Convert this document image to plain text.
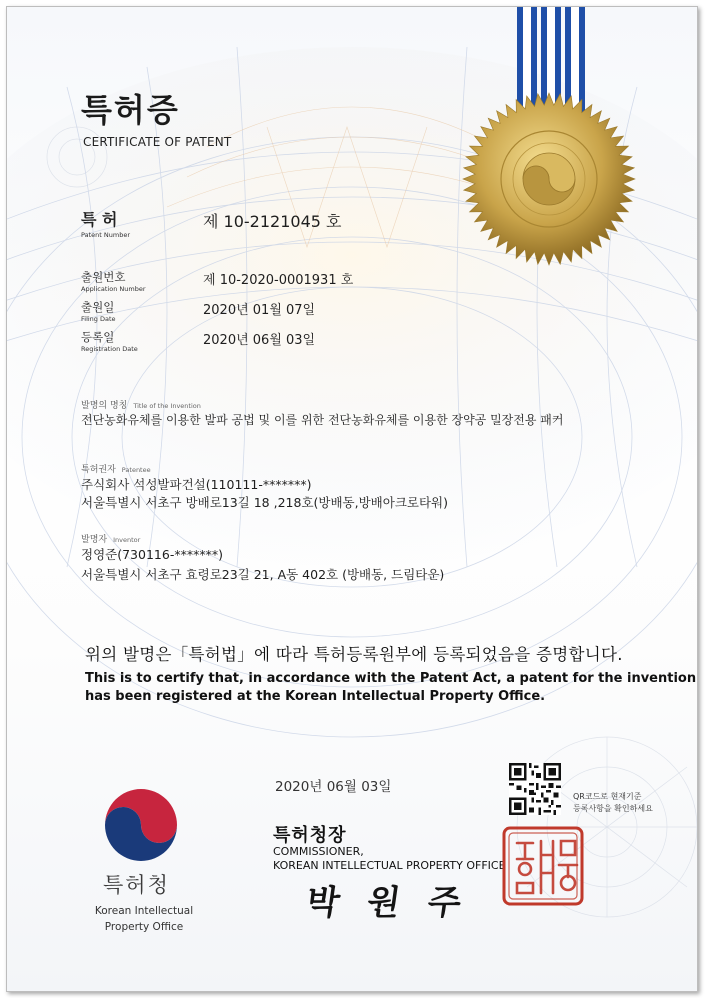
특허증
CERTIFICATE OF PATENT
특 허
Patent Number
제 10-2121045 호
출원번호
Application Number
제 10-2020-0001931 호
출원일
Filing Date
2020년 01월 07일
등록일
Registration Date
2020년 06월 03일
발명의 명칭 Title of the Invention
전단농화유체를 이용한 발파 공법 및 이를 위한 전단농화유체를 이용한 장약공 밀장전용 패커
특허권자 Patentee
주식회사 석성발파건설(110111-*******)
서울특별시 서초구 방배로13길 18 ,218호(방배동,방배아크로타워)
발명자 Inventor
정영준(730116-*******)
서울특별시 서초구 효령로23길 21, A동 402호 (방배동, 드림타운)
위의 발명은「특허법」에 따라 특허등록원부에 등록되었음을 증명합니다.
This is to certify that, in accordance with the Patent Act, a patent for the invention
has been registered at the Korean Intellectual Property Office.
특허청
Korean Intellectual
Property Office
2020년 06월 03일
특허청장
COMMISSIONER,
KOREAN INTELLECTUAL PROPERTY OFFICE
박 원 주
QR코드로 현재기준
등록사항을 확인하세요
